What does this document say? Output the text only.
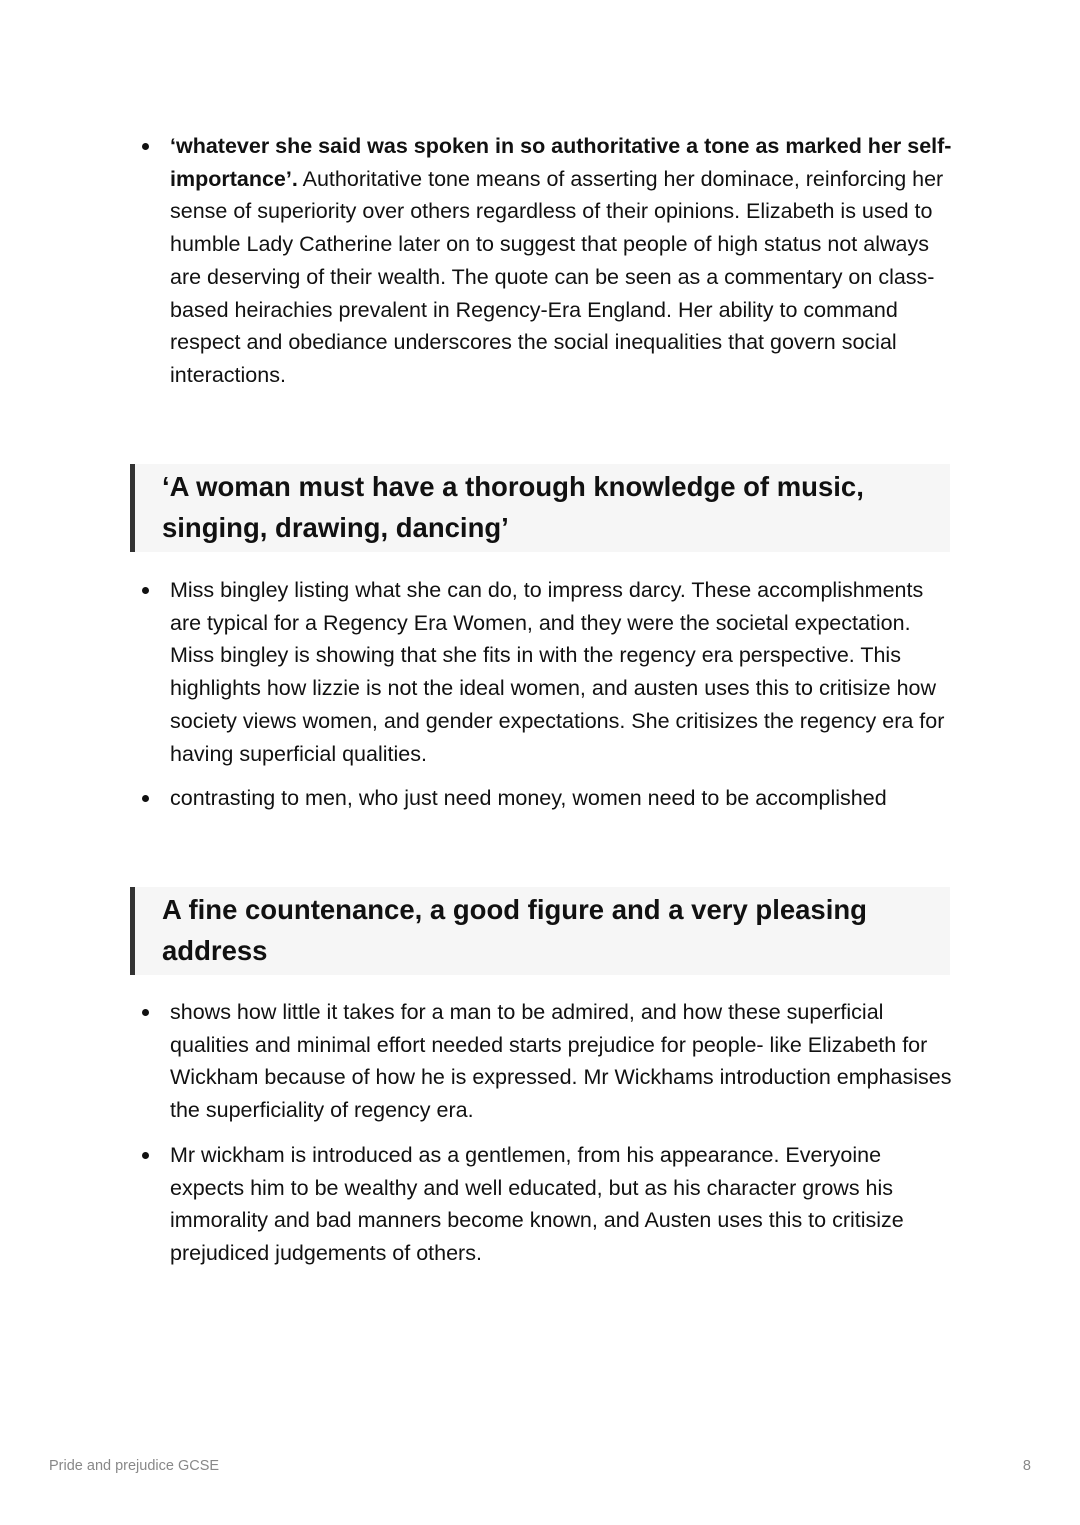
‘whatever she said was spoken in so authoritative a tone as marked her self-importance’. Authoritative tone means of asserting her dominace, reinforcing her sense of superiority over others regardless of their opinions. Elizabeth is used to humble Lady Catherine later on to suggest that people of high status not always are deserving of their wealth. The quote can be seen as a commentary on class-based heirachies prevalent in Regency-Era England. Her ability to command respect and obediance underscores the social inequalities that govern social interactions.
‘A woman must have a thorough knowledge of music, singing, drawing, dancing’
Miss bingley listing what she can do, to impress darcy. These accomplishments are typical for a Regency Era Women, and they were the societal expectation. Miss bingley is showing that she fits in with the regency era perspective. This highlights how lizzie is not the ideal women, and austen uses this to critisize how society views women, and gender expectations. She critisizes the regency era for having superficial qualities.
contrasting to men, who just need money, women need to be accomplished
A fine countenance, a good figure and a very pleasing address
shows how little it takes for a man to be admired, and how these superficial qualities and minimal effort needed starts prejudice for people- like Elizabeth for Wickham because of how he is expressed. Mr Wickhams introduction emphasises the superficiality of regency era.
Mr wickham is introduced as a gentlemen, from his appearance. Everyoine expects him to be wealthy and well educated, but as his character grows his immorality and bad manners become known, and Austen uses this to critisize prejudiced judgements of others.
Pride and prejudice GCSE	8
